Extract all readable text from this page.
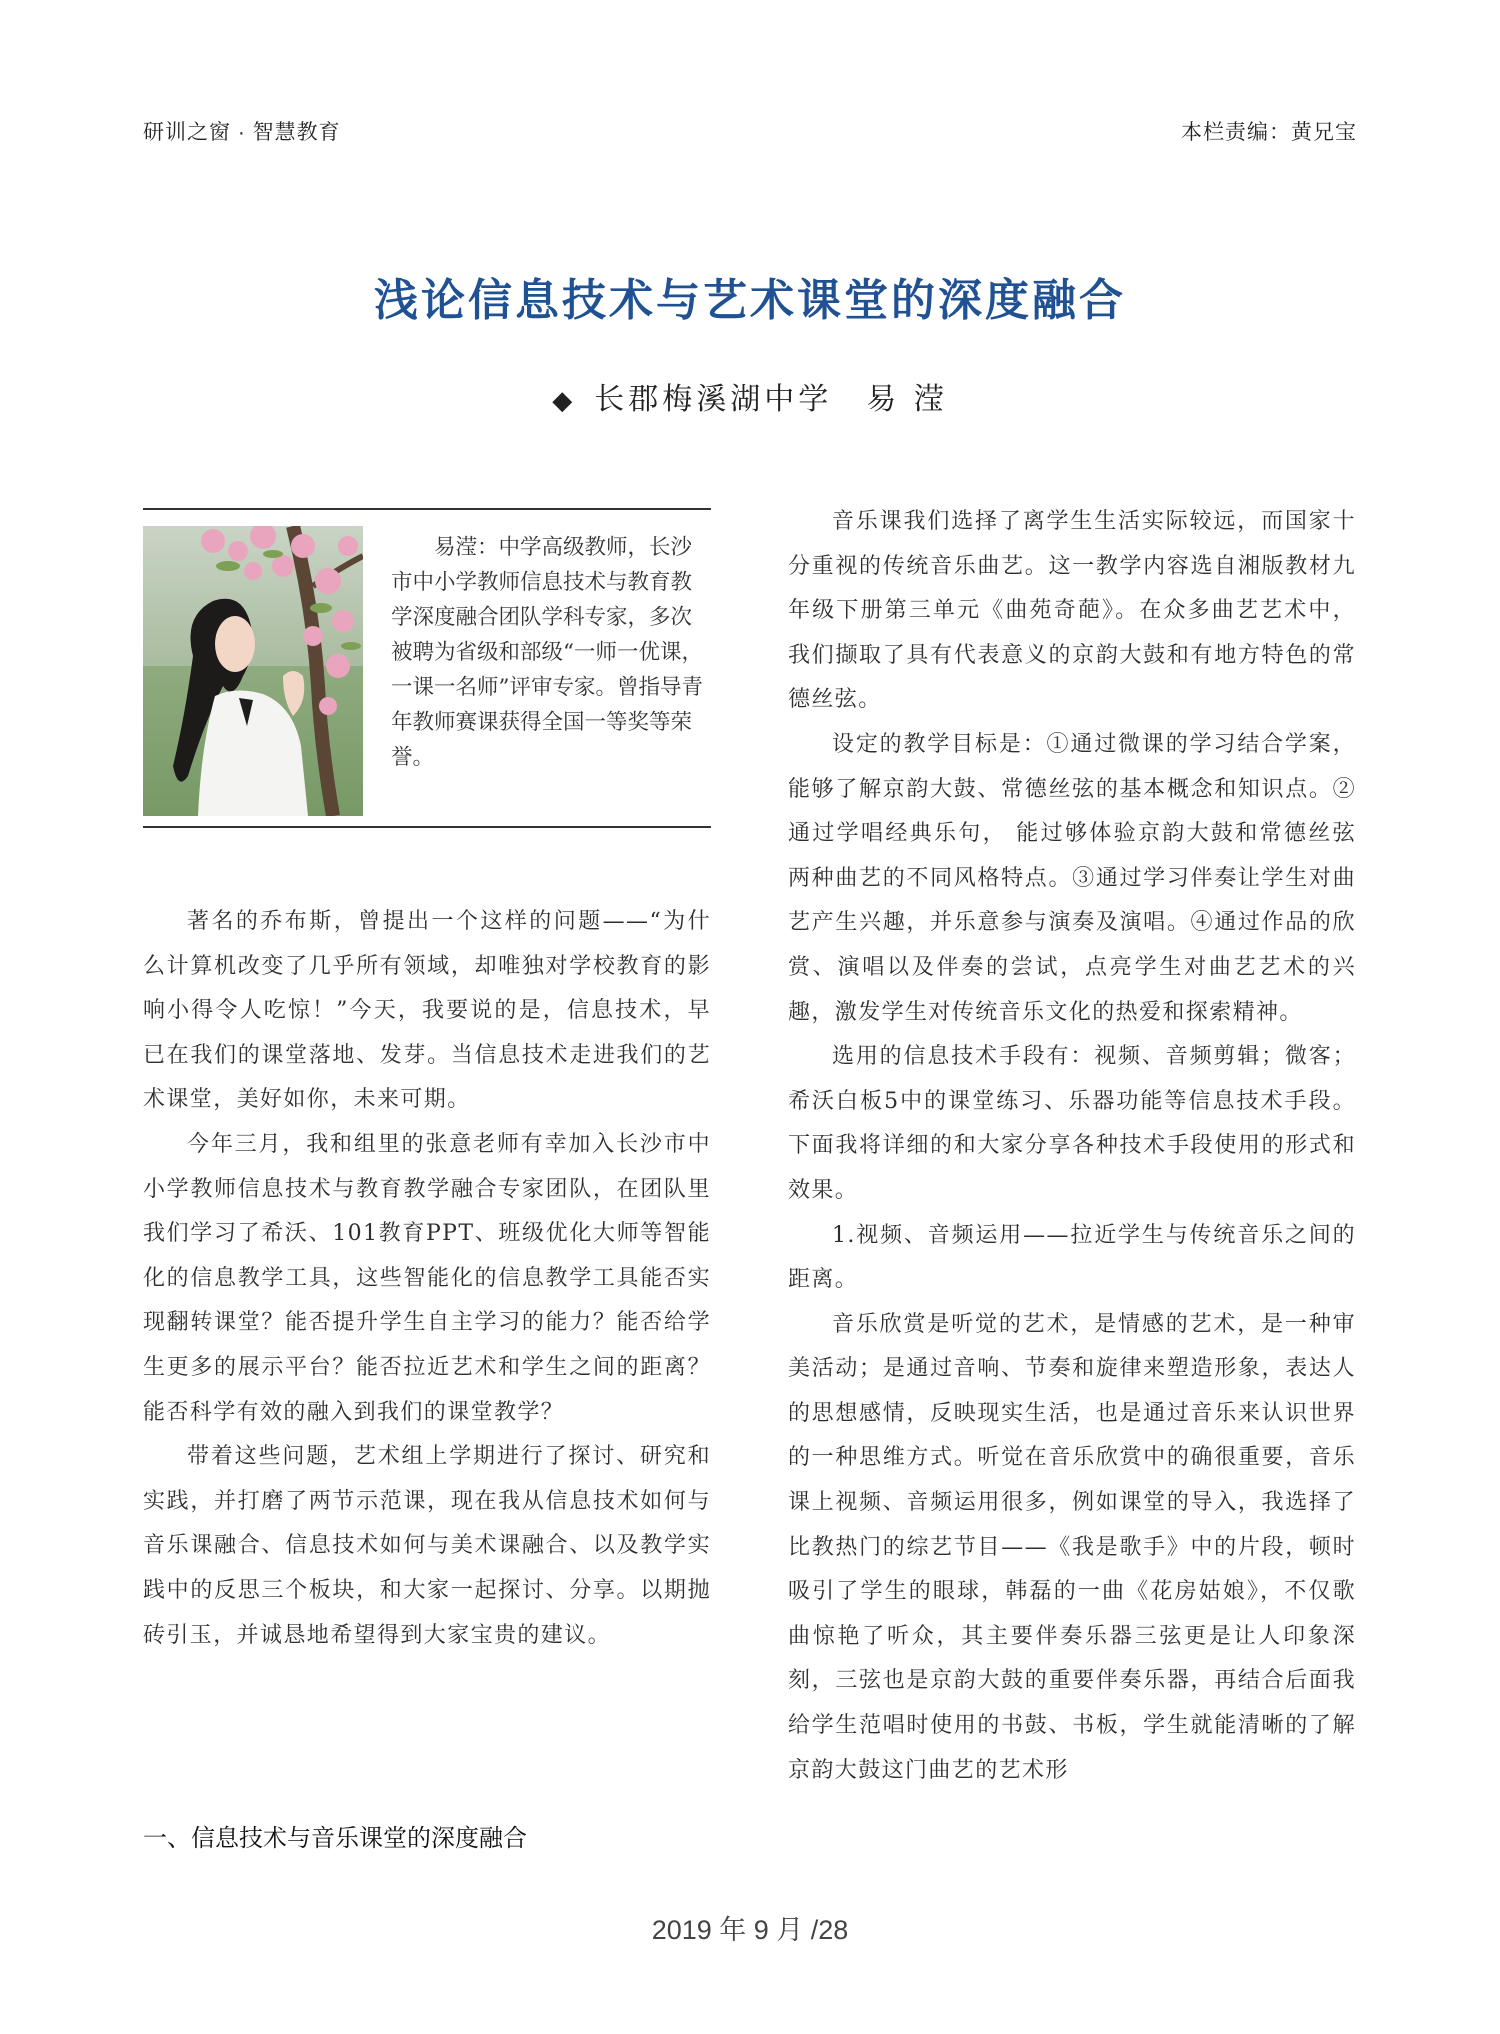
研训之窗 · 智慧教育	本栏责编：黄兄宝
浅论信息技术与艺术课堂的深度融合
◆ 长郡梅溪湖中学 易 滢

易滢：中学高级教师，长沙市中小学教师信息技术与教育教学深度融合团队学科专家，多次被聘为省级和部级“一师一优课，一课一名师”评审专家。曾指导青年教师赛课获得全国一等奖等荣誉。

著名的乔布斯，曾提出一个这样的问题——“为什么计算机改变了几乎所有领域，却唯独对学校教育的影响小得令人吃惊！”今天，我要说的是，信息技术，早已在我们的课堂落地、发芽。当信息技术走进我们的艺术课堂，美好如你，未来可期。

今年三月，我和组里的张意老师有幸加入长沙市中小学教师信息技术与教育教学融合专家团队，在团队里我们学习了希沃、101教育PPT、班级优化大师等智能化的信息教学工具，这些智能化的信息教学工具能否实现翻转课堂？能否提升学生自主学习的能力？能否给学生更多的展示平台？能否拉近艺术和学生之间的距离？能否科学有效的融入到我们的课堂教学？

带着这些问题，艺术组上学期进行了探讨、研究和实践，并打磨了两节示范课，现在我从信息技术如何与音乐课融合、信息技术如何与美术课融合、以及教学实践中的反思三个板块，和大家一起探讨、分享。以期抛砖引玉，并诚恳地希望得到大家宝贵的建议。

一、信息技术与音乐课堂的深度融合

音乐课我们选择了离学生生活实际较远，而国家十分重视的传统音乐曲艺。这一教学内容选自湘版教材九年级下册第三单元《曲苑奇葩》。在众多曲艺艺术中，我们撷取了具有代表意义的京韵大鼓和有地方特色的常德丝弦。

设定的教学目标是：①通过微课的学习结合学案，能够了解京韵大鼓、常德丝弦的基本概念和知识点。②通过学唱经典乐句， 能过够体验京韵大鼓和常德丝弦两种曲艺的不同风格特点。③通过学习伴奏让学生对曲艺产生兴趣，并乐意参与演奏及演唱。④通过作品的欣赏、演唱以及伴奏的尝试，点亮学生对曲艺艺术的兴趣，激发学生对传统音乐文化的热爱和探索精神。

选用的信息技术手段有：视频、音频剪辑；微客；希沃白板5中的课堂练习、乐器功能等信息技术手段。下面我将详细的和大家分享各种技术手段使用的形式和效果。

1.视频、音频运用——拉近学生与传统音乐之间的距离。

音乐欣赏是听觉的艺术，是情感的艺术，是一种审美活动；是通过音响、节奏和旋律来塑造形象，表达人的思想感情，反映现实生活，也是通过音乐来认识世界的一种思维方式。听觉在音乐欣赏中的确很重要，音乐课上视频、音频运用很多，例如课堂的导入，我选择了比教热门的综艺节目——《我是歌手》中的片段，顿时吸引了学生的眼球，韩磊的一曲《花房姑娘》，不仅歌曲惊艳了听众，其主要伴奏乐器三弦更是让人印象深刻，三弦也是京韵大鼓的重要伴奏乐器，再结合后面我给学生范唱时使用的书鼓、书板，学生就能清晰的了解京韵大鼓这门曲艺的艺术形

2019 年 9 月 /28
